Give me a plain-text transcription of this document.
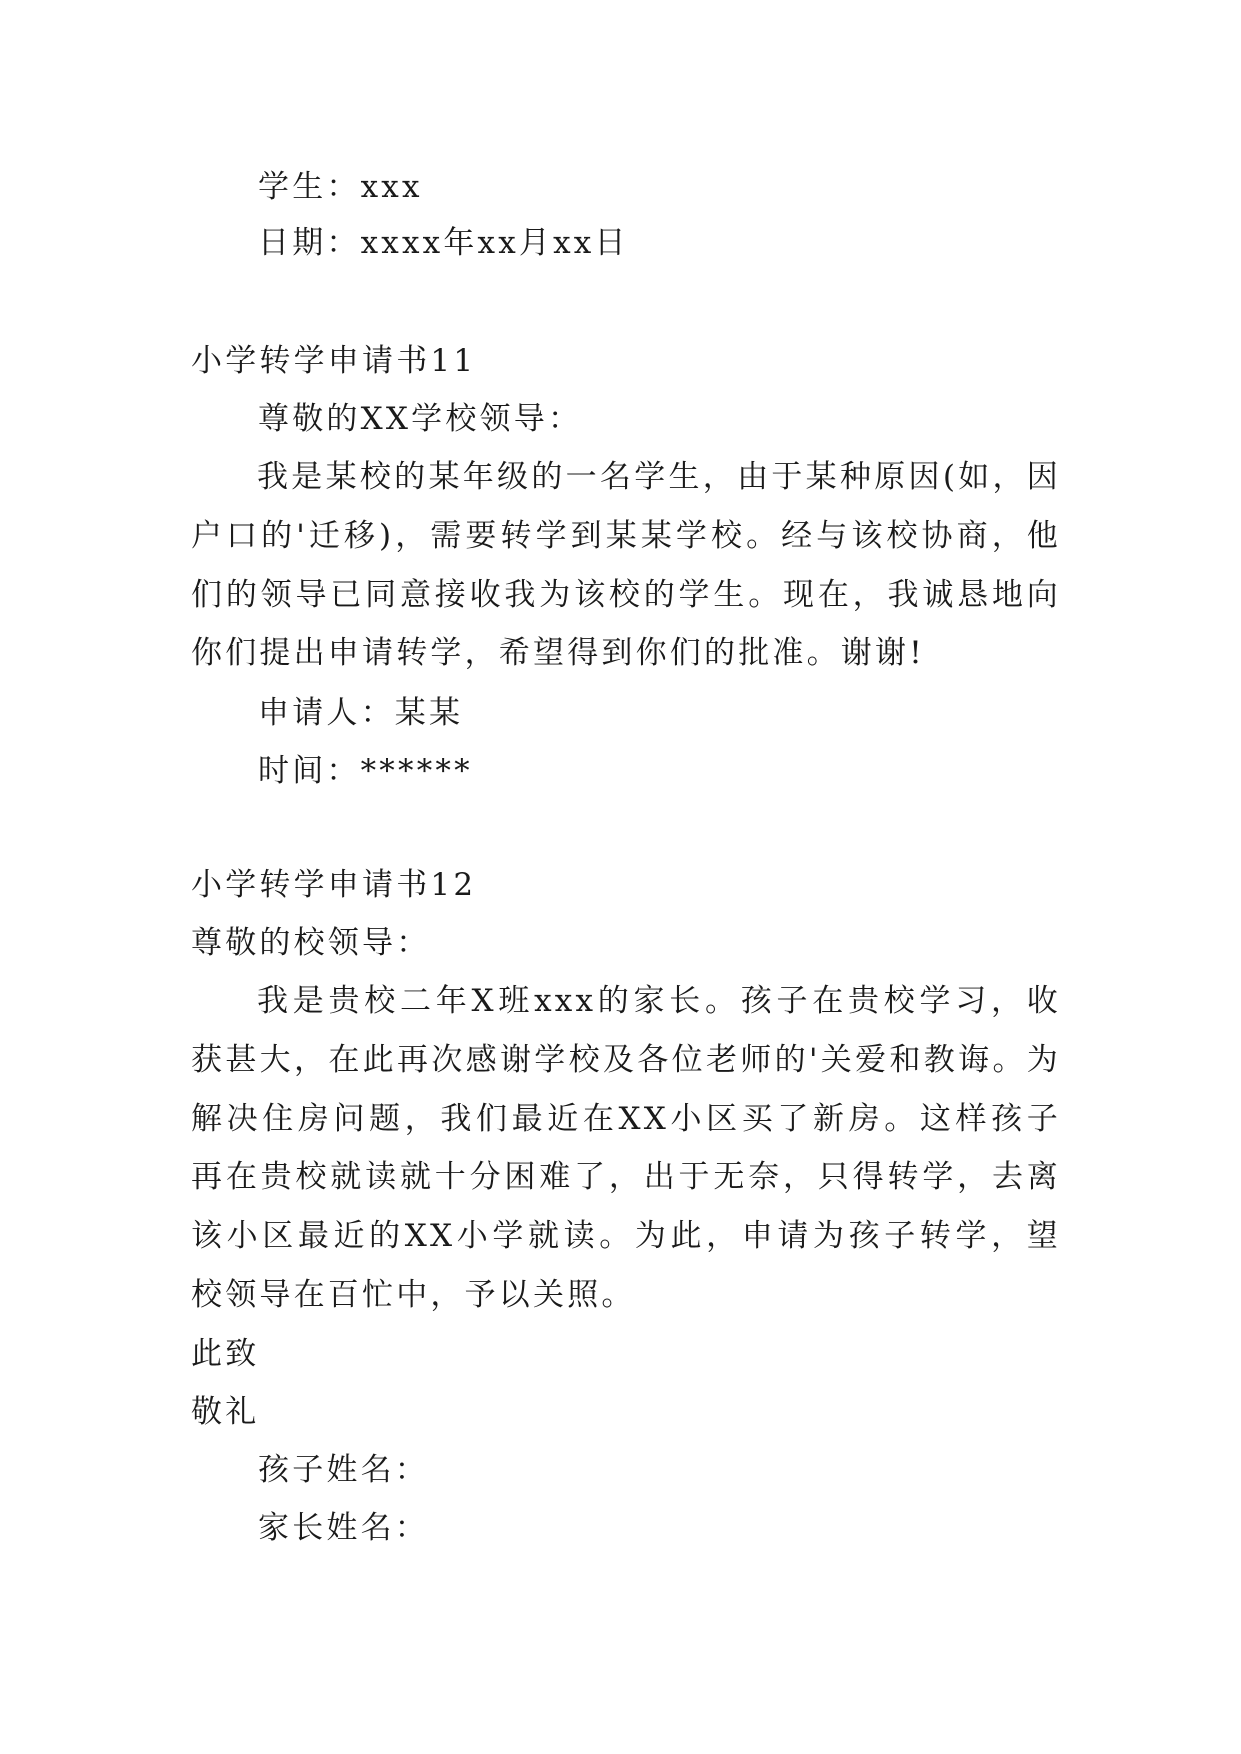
学生：xxx

日期：xxxx年xx月xx日

小学转学申请书11

尊敬的XX学校领导：

我是某校的某年级的一名学生，由于某种原因(如，因户口的'迁移)，需要转学到某某学校。经与该校协商，他们的领导已同意接收我为该校的学生。现在，我诚恳地向你们提出申请转学，希望得到你们的批准。谢谢!

申请人：某某

时间：******

小学转学申请书12

尊敬的校领导：

我是贵校二年X班xxx的家长。孩子在贵校学习，收获甚大，在此再次感谢学校及各位老师的'关爱和教诲。为解决住房问题，我们最近在XX小区买了新房。这样孩子再在贵校就读就十分困难了，出于无奈，只得转学，去离该小区最近的XX小学就读。为此，申请为孩子转学，望校领导在百忙中，予以关照。

此致

敬礼

孩子姓名：

家长姓名：
